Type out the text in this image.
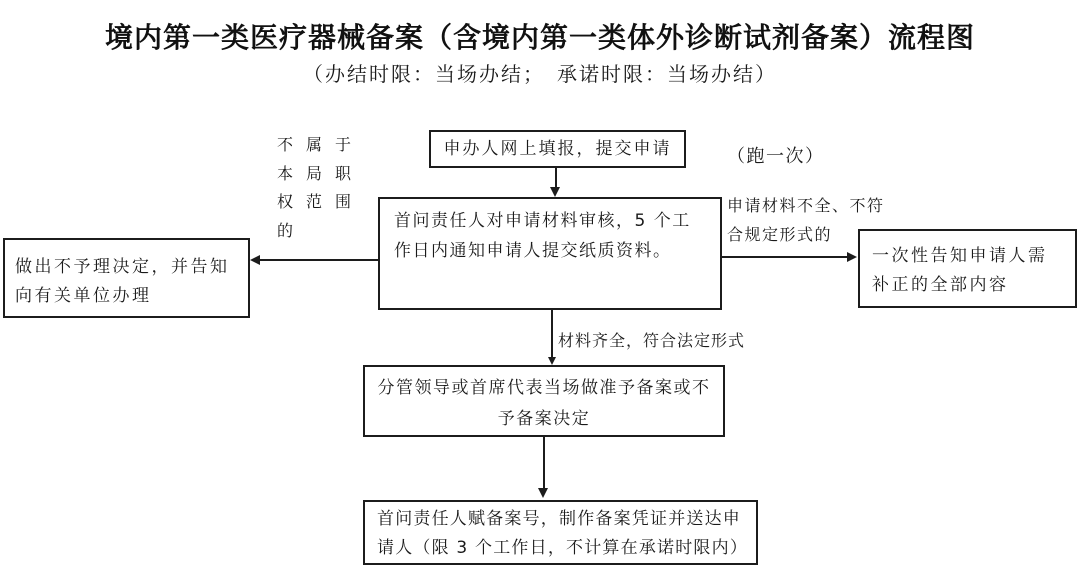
境内第一类医疗器械备案（含境内第一类体外诊断试剂备案）流程图
（办结时限：当场办结；　承诺时限：当场办结）
申办人网上填报，提交申请
首问责任人对申请材料审核，5 个工作日内通知申请人提交纸质资料。
做出不予理决定，并告知向有关单位办理
一次性告知申请人需补正的全部内容
分管领导或首席代表当场做准予备案或不予备案决定
首问责任人赋备案号，制作备案凭证并送达申请人（限 3 个工作日，不计算在承诺时限内）
不属于
本局职
权范围
的
（跑一次）
申请材料不全、不符
合规定形式的
材料齐全，符合法定形式
